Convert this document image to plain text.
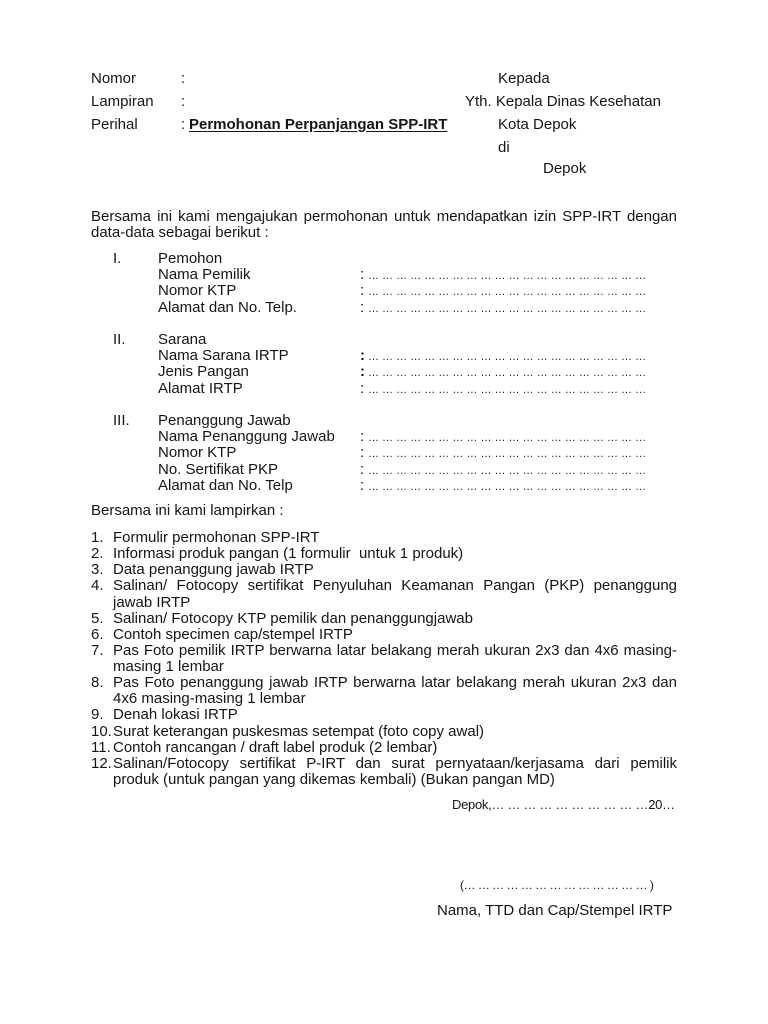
Nomor	:
Lampiran :
Perihal	: Permohonan Perpanjangan SPP-IRT
Kepada
Yth. Kepala Dinas Kesehatan
Kota Depok
di
Depok

Bersama ini kami mengajukan permohonan untuk mendapatkan izin SPP-IRT dengan data-data sebagai berikut :

I. Pemohon
Nama Pemilik	: … … … … … … … … … … … … … … … … … … … …
Nomor KTP	: … … … … … … … … … … … … … … … … … … … …
Alamat dan No. Telp.	: … … … … … … … … … … … … … … … … … … … …
II. Sarana
Nama Sarana IRTP	: … … … … … … … … … … … … … … … … … … … …
Jenis Pangan	: … … … … … … … … … … … … … … … … … … … …
Alamat IRTP	: … … … … … … … … … … … … … … … … … … … …
III. Penanggung Jawab
Nama Penanggung Jawab : … … … … … … … … … … … … … … … … … … … …
Nomor KTP	: … … … … … … … … … … … … … … … … … … … …
No. Sertifikat PKP	: … … … … … … … … … … … … … … … … … … … …
Alamat dan No. Telp	: … … … … … … … … … … … … … … … … … … … …
Bersama ini kami lampirkan :
1. Formulir permohonan SPP-IRT
2. Informasi produk pangan (1 formulir  untuk 1 produk)
3. Data penanggung jawab IRTP
4. Salinan/ Fotocopy sertifikat Penyuluhan Keamanan Pangan (PKP) penanggung jawab IRTP
5. Salinan/ Fotocopy KTP pemilik dan penanggungjawab
6. Contoh specimen cap/stempel IRTP
7. Pas Foto pemilik IRTP berwarna latar belakang merah ukuran 2x3 dan 4x6 masing-masing 1 lembar
8. Pas Foto penanggung jawab IRTP berwarna latar belakang merah ukuran 2x3 dan 4x6 masing-masing 1 lembar
9. Denah lokasi IRTP
10. Surat keterangan puskesmas setempat (foto copy awal)
11. Contoh rancangan / draft label produk (2 lembar)
12. Salinan/Fotocopy sertifikat P-IRT dan surat pernyataan/kerjasama dari pemilik produk (untuk pangan yang dikemas kembali) (Bukan pangan MD)
Depok,… … … … … … … … … …20…
(… … … … … … … … … … … … … )
Nama, TTD dan Cap/Stempel IRTP
